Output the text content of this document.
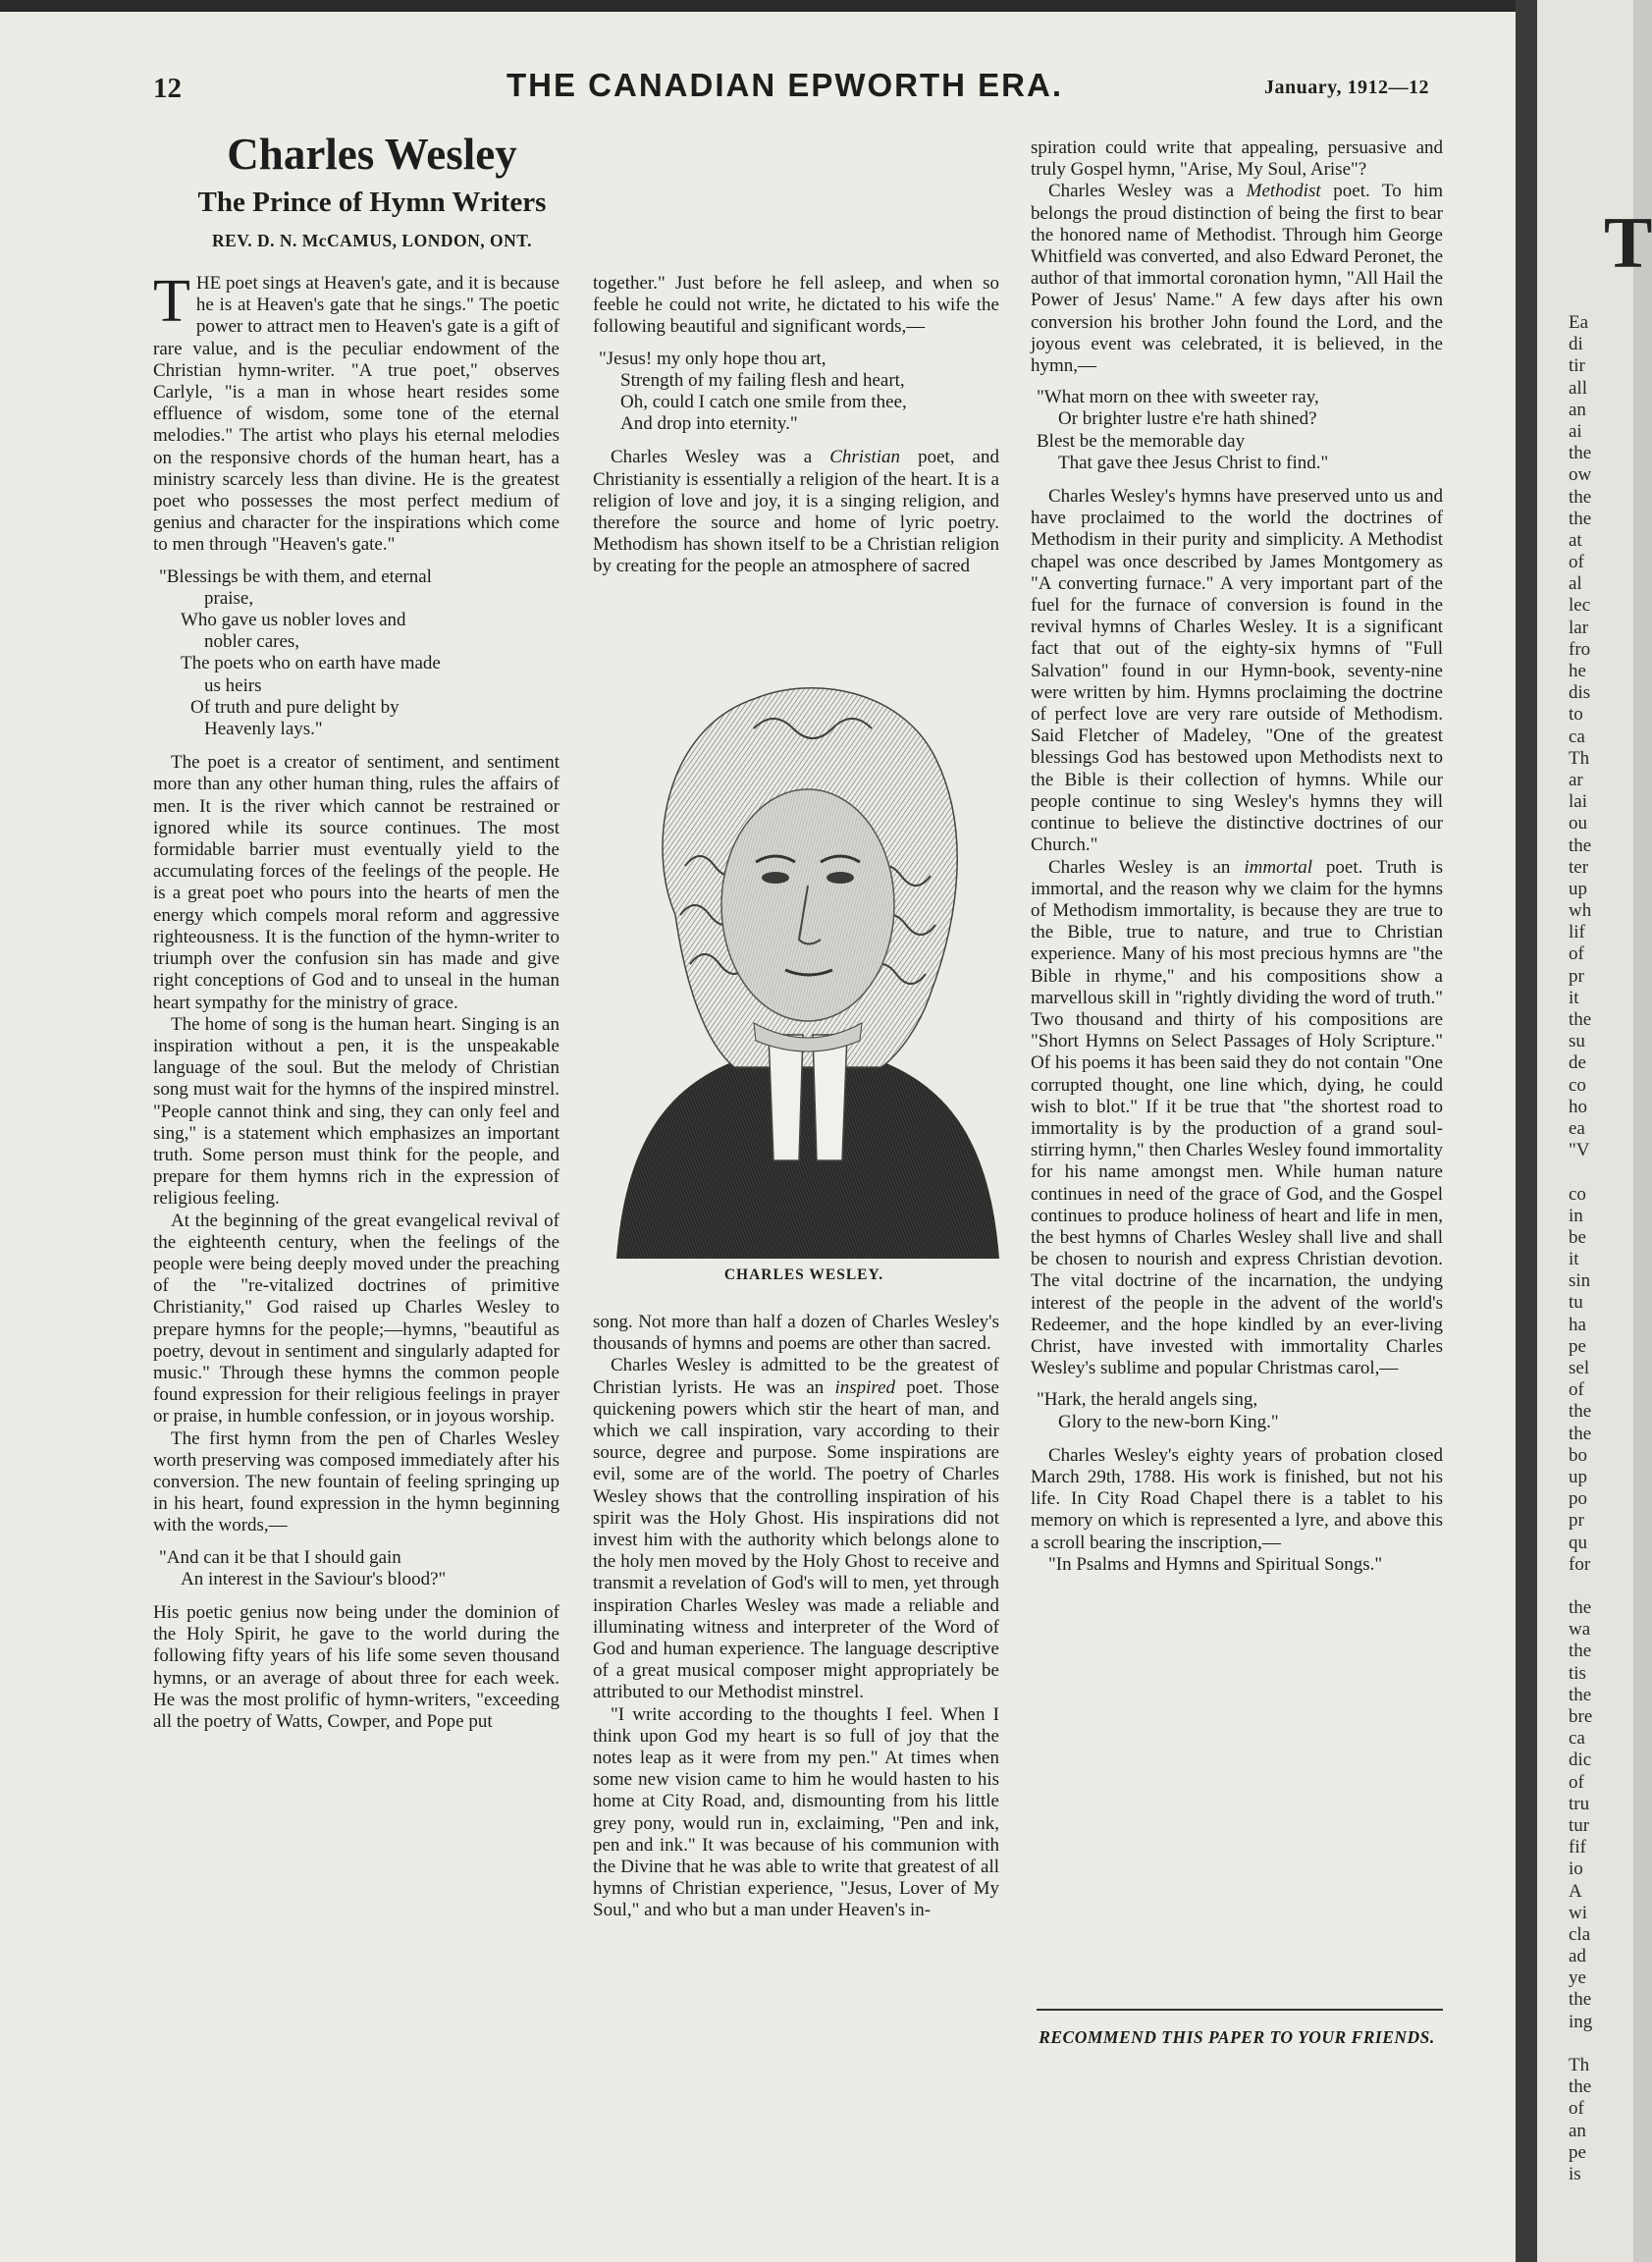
12	THE CANADIAN EPWORTH ERA.	January, 1912—12
Charles Wesley
The Prince of Hymn Writers
REV. D. N. McCAMUS, LONDON, ONT.

THE poet sings at Heaven's gate, and it is because he is at Heaven's gate that he sings." The poetic power to attract men to Heaven's gate is a gift of rare value, and is the peculiar endowment of the Christian hymn-writer. "A true poet," observes Carlyle, "is a man in whose heart resides some effluence of wisdom, some tone of the eternal melodies." The artist who plays his eternal melodies on the responsive chords of the human heart, has a ministry scarcely less than divine. He is the greatest poet who possesses the most perfect medium of genius and character for the inspirations which come to men through "Heaven's gate."

"Blessings be with them, and eternal
praise,
Who gave us nobler loves and
nobler cares,
The poets who on earth have made
us heirs
Of truth and pure delight by
Heavenly lays."

The poet is a creator of sentiment, and sentiment more than any other human thing, rules the affairs of men. It is the river which cannot be restrained or ignored while its source continues. The most formidable barrier must eventually yield to the accumulating forces of the feelings of the people. He is a great poet who pours into the hearts of men the energy which compels moral reform and aggressive righteousness. It is the function of the hymn-writer to triumph over the confusion sin has made and give right conceptions of God and to unseal in the human heart sympathy for the ministry of grace.

The home of song is the human heart. Singing is an inspiration without a pen, it is the unspeakable language of the soul. But the melody of Christian song must wait for the hymns of the inspired minstrel. "People cannot think and sing, they can only feel and sing," is a statement which emphasizes an important truth. Some person must think for the people, and prepare for them hymns rich in the expression of religious feeling.

At the beginning of the great evangelical revival of the eighteenth century, when the feelings of the people were being deeply moved under the preaching of the "re-vitalized doctrines of primitive Christianity," God raised up Charles Wesley to prepare hymns for the people;—hymns, "beautiful as poetry, devout in sentiment and singularly adapted for music." Through these hymns the common people found expression for their religious feelings in prayer or praise, in humble confession, or in joyous worship.

The first hymn from the pen of Charles Wesley worth preserving was composed immediately after his conversion. The new fountain of feeling springing up in his heart, found expression in the hymn beginning with the words,—

"And can it be that I should gain
An interest in the Saviour's blood?"

His poetic genius now being under the dominion of the Holy Spirit, he gave to the world during the following fifty years of his life some seven thousand hymns, or an average of about three for each week. He was the most prolific of hymn-writers, "exceeding all the poetry of Watts, Cowper, and Pope put

together." Just before he fell asleep, and when so feeble he could not write, he dictated to his wife the following beautiful and significant words,—

"Jesus! my only hope thou art,
Strength of my failing flesh and heart,
Oh, could I catch one smile from thee,
And drop into eternity."

Charles Wesley was a Christian poet, and Christianity is essentially a religion of the heart. It is a religion of love and joy, it is a singing religion, and therefore the source and home of lyric poetry. Methodism has shown itself to be a Christian religion by creating for the people an atmosphere of sacred

CHARLES WESLEY.

song. Not more than half a dozen of Charles Wesley's thousands of hymns and poems are other than sacred.

Charles Wesley is admitted to be the greatest of Christian lyrists. He was an inspired poet. Those quickening powers which stir the heart of man, and which we call inspiration, vary according to their source, degree and purpose. Some inspirations are evil, some are of the world. The poetry of Charles Wesley shows that the controlling inspiration of his spirit was the Holy Ghost. His inspirations did not invest him with the authority which belongs alone to the holy men moved by the Holy Ghost to receive and transmit a revelation of God's will to men, yet through inspiration Charles Wesley was made a reliable and illuminating witness and interpreter of the Word of God and human experience. The language descriptive of a great musical composer might appropriately be attributed to our Methodist minstrel.

"I write according to the thoughts I feel. When I think upon God my heart is so full of joy that the notes leap as it were from my pen." At times when some new vision came to him he would hasten to his home at City Road, and, dismounting from his little grey pony, would run in, exclaiming, "Pen and ink, pen and ink." It was because of his communion with the Divine that he was able to write that greatest of all hymns of Christian experience, "Jesus, Lover of My Soul," and who but a man under Heaven's in-

spiration could write that appealing, persuasive and truly Gospel hymn, "Arise, My Soul, Arise"?

Charles Wesley was a Methodist poet. To him belongs the proud distinction of being the first to bear the honored name of Methodist. Through him George Whitfield was converted, and also Edward Peronet, the author of that immortal coronation hymn, "All Hail the Power of Jesus' Name." A few days after his own conversion his brother John found the Lord, and the joyous event was celebrated, it is believed, in the hymn,—

"What morn on thee with sweeter ray,
Or brighter lustre e're hath shined?
Blest be the memorable day
That gave thee Jesus Christ to find."

Charles Wesley's hymns have preserved unto us and have proclaimed to the world the doctrines of Methodism in their purity and simplicity. A Methodist chapel was once described by James Montgomery as "A converting furnace." A very important part of the fuel for the furnace of conversion is found in the revival hymns of Charles Wesley. It is a significant fact that out of the eighty-six hymns of "Full Salvation" found in our Hymn-book, seventy-nine were written by him. Hymns proclaiming the doctrine of perfect love are very rare outside of Methodism. Said Fletcher of Madeley, "One of the greatest blessings God has bestowed upon Methodists next to the Bible is their collection of hymns. While our people continue to sing Wesley's hymns they will continue to believe the distinctive doctrines of our Church."

Charles Wesley is an immortal poet. Truth is immortal, and the reason why we claim for the hymns of Methodism immortality, is because they are true to the Bible, true to nature, and true to Christian experience. Many of his most precious hymns are "the Bible in rhyme," and his compositions show a marvellous skill in "rightly dividing the word of truth." Two thousand and thirty of his compositions are "Short Hymns on Select Passages of Holy Scripture." Of his poems it has been said they do not contain "One corrupted thought, one line which, dying, he could wish to blot." If it be true that "the shortest road to immortality is by the production of a grand soul-stirring hymn," then Charles Wesley found immortality for his name amongst men. While human nature continues in need of the grace of God, and the Gospel continues to produce holiness of heart and life in men, the best hymns of Charles Wesley shall live and shall be chosen to nourish and express Christian devotion. The vital doctrine of the incarnation, the undying interest of the people in the advent of the world's Redeemer, and the hope kindled by an ever-living Christ, have invested with immortality Charles Wesley's sublime and popular Christmas carol,—

"Hark, the herald angels sing,
Glory to the new-born King."

Charles Wesley's eighty years of probation closed March 29th, 1788. His work is finished, but not his life. In City Road Chapel there is a tablet to his memory on which is represented a lyre, and above this a scroll bearing the inscription,—

"In Psalms and Hymns and Spiritual Songs."

RECOMMEND THIS PAPER TO YOUR FRIENDS.
T
Ea
di
tir
all
an
ai
the
ow
the
the
at
of
al
lec
lar
fro
he
dis
to
ca
Th
ar
lai
ou
the
ter
up
wh
lif
of
pr
it
the
su
de
co
ho
ea
"V
co
in
be
it
sin
tu
ha
pe
sel
of
the
the
bo
up
po
pr
qu
for
the
wa
the
tis
the
bre
ca
dic
of
tru
tur
fif
io
A
wi
cla
ad
ye
the
ing
Th
the
of
an
pe
is
